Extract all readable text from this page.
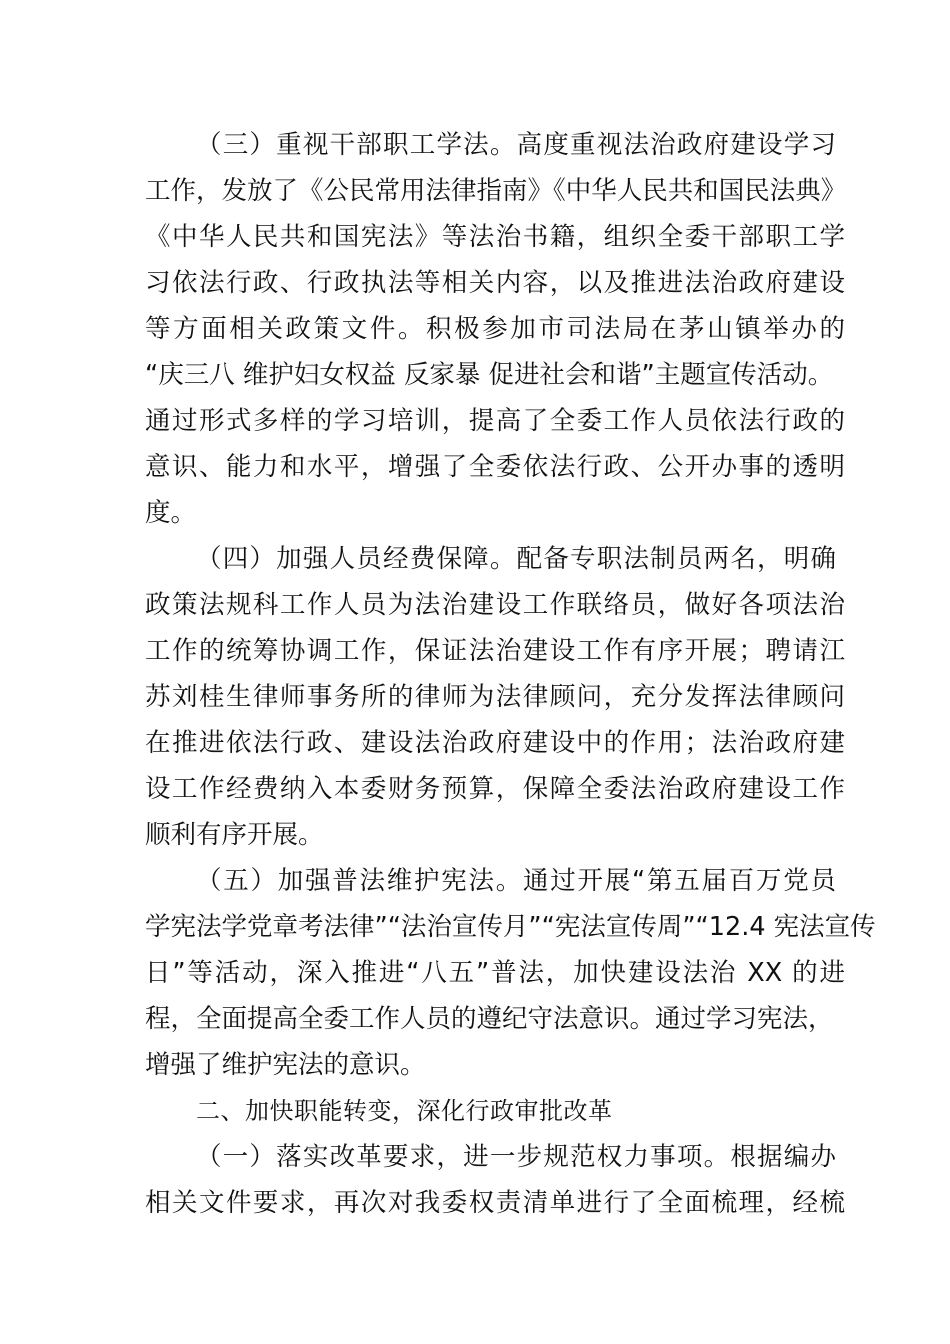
（三）重视干部职工学法。高度重视法治政府建设学习
工作，发放了《公民常用法律指南》《中华人民共和国民法典》
《中华人民共和国宪法》等法治书籍，组织全委干部职工学
习依法行政、行政执法等相关内容，以及推进法治政府建设
等方面相关政策文件。积极参加市司法局在茅山镇举办的
“庆三八 维护妇女权益 反家暴 促进社会和谐”主题宣传活动。
通过形式多样的学习培训，提高了全委工作人员依法行政的
意识、能力和水平，增强了全委依法行政、公开办事的透明
度。
（四）加强人员经费保障。配备专职法制员两名，明确
政策法规科工作人员为法治建设工作联络员，做好各项法治
工作的统筹协调工作，保证法治建设工作有序开展；聘请江
苏刘桂生律师事务所的律师为法律顾问，充分发挥法律顾问
在推进依法行政、建设法治政府建设中的作用；法治政府建
设工作经费纳入本委财务预算，保障全委法治政府建设工作
顺利有序开展。
（五）加强普法维护宪法。通过开展“第五届百万党员
学宪法学党章考法律”“法治宣传月”“宪法宣传周”“12.4 宪法宣传
日”等活动，深入推进“八五”普法，加快建设法治 XX 的进
程，全面提高全委工作人员的遵纪守法意识。通过学习宪法，
增强了维护宪法的意识。
二、加快职能转变，深化行政审批改革
（一）落实改革要求，进一步规范权力事项。根据编办
相关文件要求，再次对我委权责清单进行了全面梳理，经梳
